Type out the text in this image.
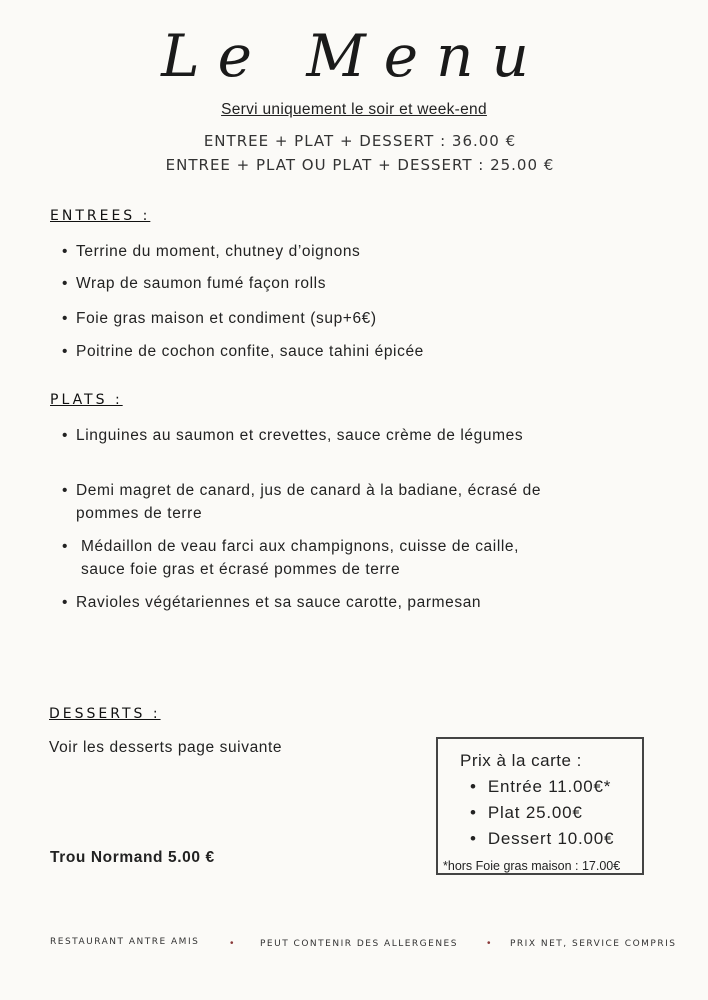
Le Menu
Servi uniquement le soir et week-end
ENTREE + PLAT + DESSERT : 36.00 €
ENTREE + PLAT OU PLAT + DESSERT : 25.00 €
ENTREES :
• Terrine du moment, chutney d’oignons
• Wrap de saumon fumé façon rolls
• Foie gras maison et condiment (sup+6€)
• Poitrine de cochon confite, sauce tahini épicée
PLATS :
• Linguines au saumon et crevettes, sauce crème de légumes
• Demi magret de canard, jus de canard à la badiane, écrasé de pommes de terre
• Médaillon de veau farci aux champignons, cuisse de caille, sauce foie gras et écrasé pommes de terre
• Ravioles végétariennes et sa sauce carotte, parmesan
DESSERTS :
Voir les desserts page suivante
Trou Normand 5.00 €
Prix à la carte :
•  Entrée 11.00€*
•  Plat 25.00€
•  Dessert 10.00€
*hors Foie gras maison : 17.00€
RESTAURANT ANTRE AMIS	•	PEUT CONTENIR DES ALLERGENES	• PRIX NET, SERVICE COMPRIS
